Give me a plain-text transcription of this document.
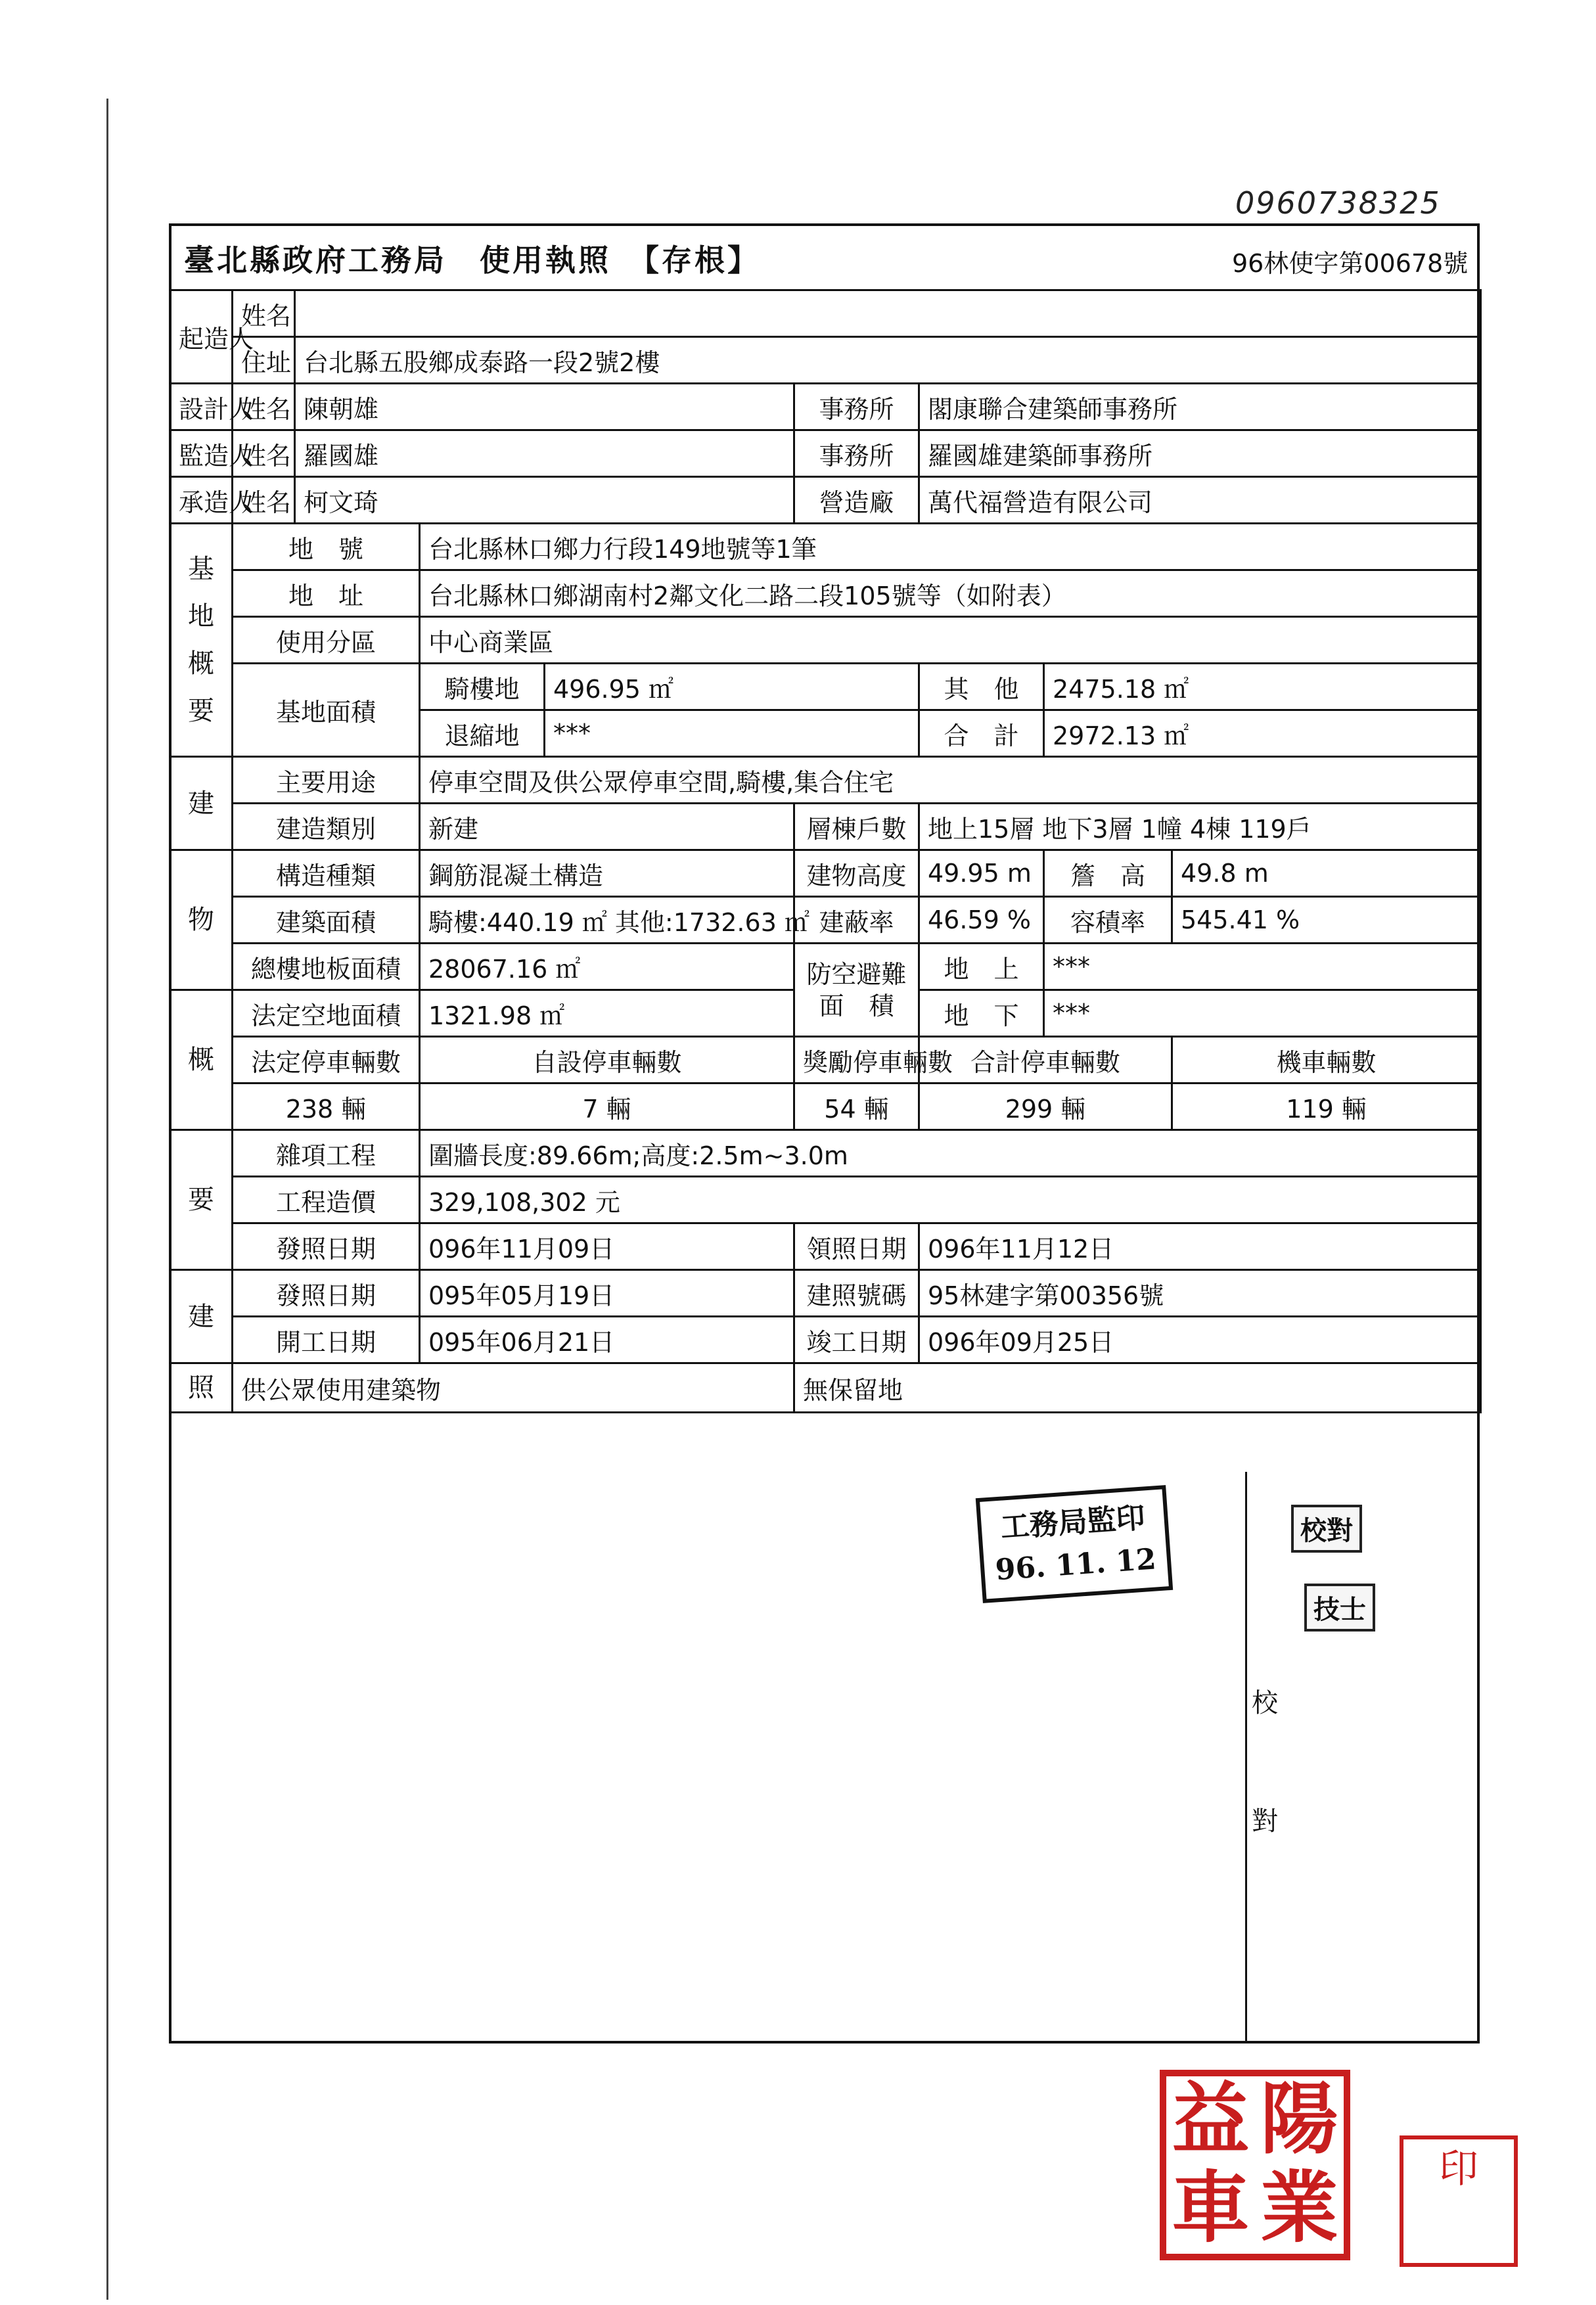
0960738325
臺北縣政府工務局　使用執照　【存根】	96林使字第00678號
起造人	姓名							
	住址	台北縣五股鄉成泰路一段2號2樓						
設計人	姓名	陳朝雄			事務所	閣康聯合建築師事務所		
監造人	姓名	羅國雄			事務所	羅國雄建築師事務所		
承造人	姓名	柯文琦			營造廠	萬代福營造有限公司		
基地概要	地　號		台北縣林口鄉力行段149地號等1筆					
	地　址		台北縣林口鄉湖南村2鄰文化二路二段105號等（如附表）					
	使用分區		中心商業區					
	基地面積		騎樓地	496.95 ㎡		其　他	2475.18 ㎡	
			退縮地	***		合　計	2972.13 ㎡	
建	主要用途		停車空間及供公眾停車空間,騎樓,集合住宅					
	建造類別		新建		層棟戶數	地上15層 地下3層 1幢 4棟 119戶		
物	構造種類		鋼筋混凝土構造		建物高度	49.95 m	簷　高	49.8 m
	建築面積		騎樓:440.19 ㎡ 其他:1732.63 ㎡		建蔽率	46.59 %	容積率	545.41 %
	總樓地板面積		28067.16 ㎡		防空避難面　積	地　上	***	
概	法定空地面積		1321.98 ㎡			地　下	***	
	法定停車輛數		自設停車輛數		獎勵停車輛數	合計停車輛數		機車輛數
	238 輛		7 輛		54 輛	299 輛		119 輛
要	雜項工程		圍牆長度:89.66m;高度:2.5m~3.0m					
	工程造價		329,108,302 元					
	發照日期		096年11月09日		領照日期	096年11月12日		
建	發照日期		095年05月19日		建照號碼	95林建字第00356號		
	開工日期		095年06月21日		竣工日期	096年09月25日		
照	供公眾使用建築物				無保留地			
工務局監印
96. 11. 12
校
對
校對
技士
益 陽
車 業	印
